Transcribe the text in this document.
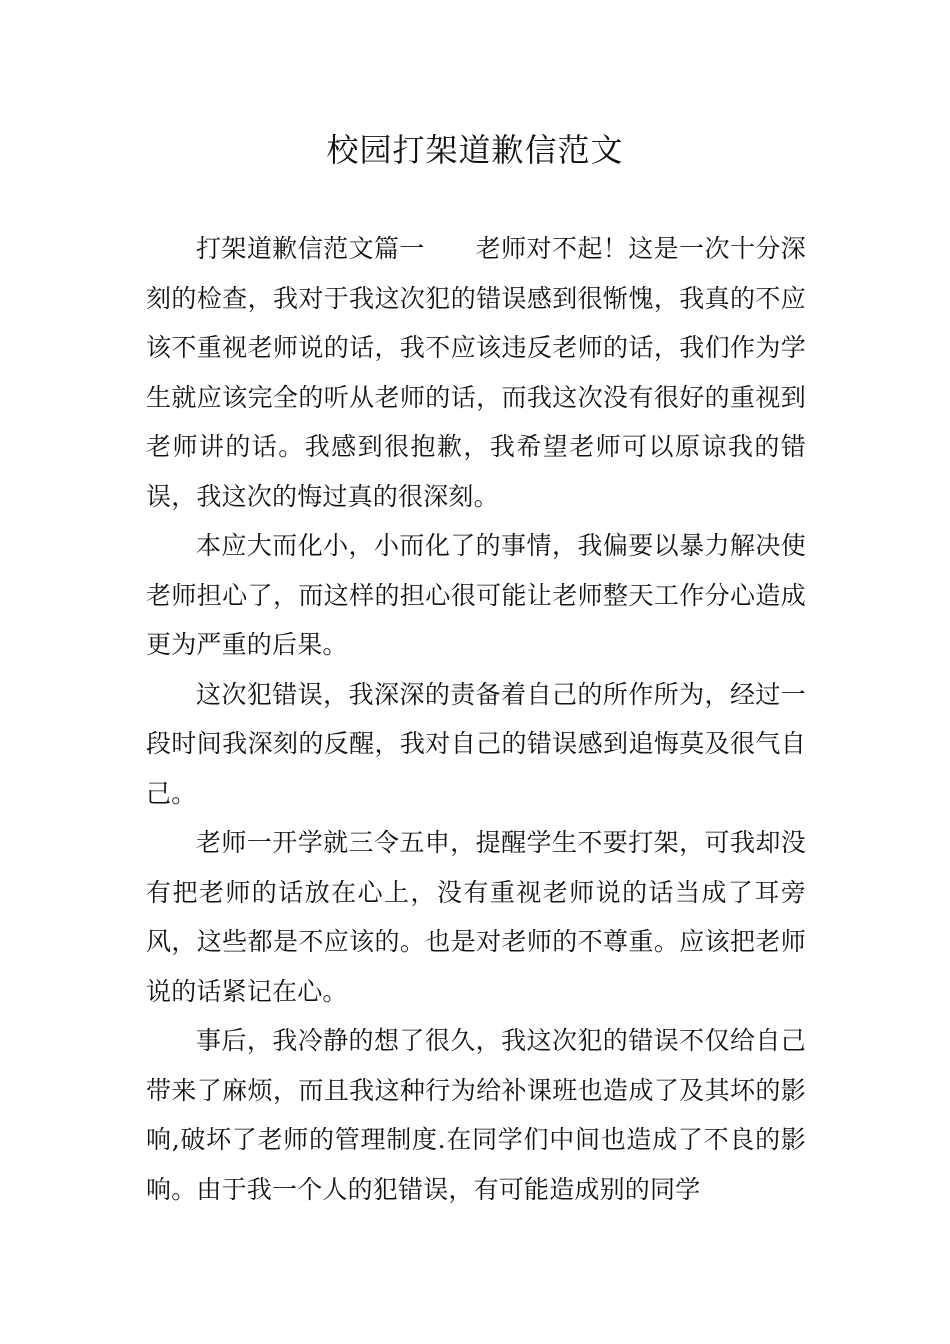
校园打架道歉信范文

打架道歉信范文篇一　　老师对不起！这是一次十分深刻的检查，我对于我这次犯的错误感到很惭愧，我真的不应该不重视老师说的话，我不应该违反老师的话，我们作为学生就应该完全的听从老师的话，而我这次没有很好的重视到老师讲的话。我感到很抱歉，我希望老师可以原谅我的错误，我这次的悔过真的很深刻。

本应大而化小，小而化了的事情，我偏要以暴力解决使老师担心了，而这样的担心很可能让老师整天工作分心造成更为严重的后果。

这次犯错误，我深深的责备着自己的所作所为，经过一段时间我深刻的反醒，我对自己的错误感到追悔莫及很气自己。

老师一开学就三令五申，提醒学生不要打架，可我却没有把老师的话放在心上，没有重视老师说的话当成了耳旁风，这些都是不应该的。也是对老师的不尊重。应该把老师说的话紧记在心。

事后，我冷静的想了很久，我这次犯的错误不仅给自己带来了麻烦，而且我这种行为给补课班也造成了及其坏的影响,破坏了老师的管理制度.在同学们中间也造成了不良的影响。由于我一个人的犯错误，有可能造成别的同学
